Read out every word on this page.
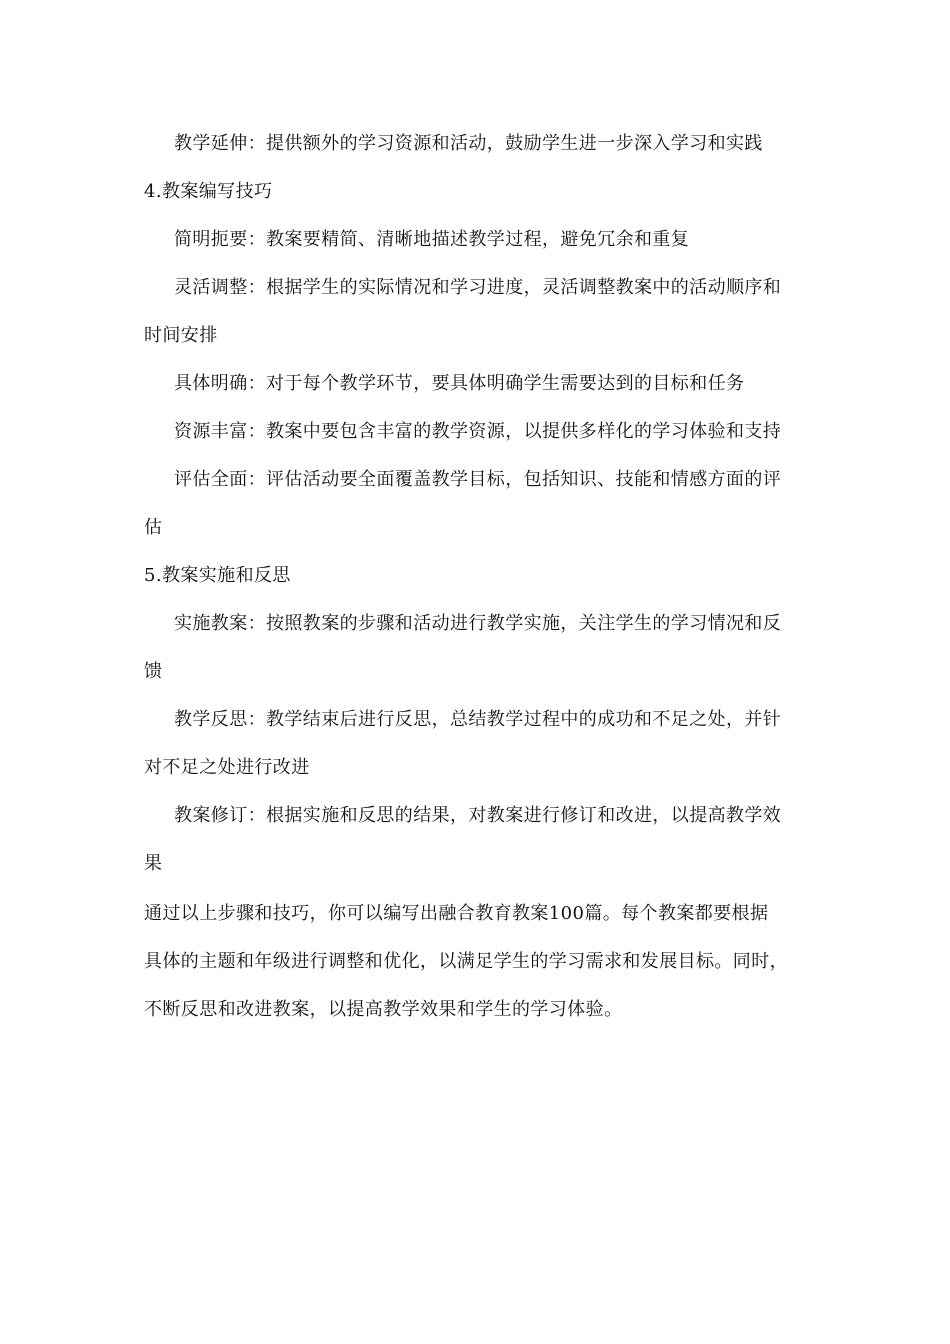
教学延伸：提供额外的学习资源和活动，鼓励学生进一步深入学习和实践
4.教案编写技巧
简明扼要：教案要精简、清晰地描述教学过程，避免冗余和重复
灵活调整：根据学生的实际情况和学习进度，灵活调整教案中的活动顺序和
时间安排
具体明确：对于每个教学环节，要具体明确学生需要达到的目标和任务
资源丰富：教案中要包含丰富的教学资源，以提供多样化的学习体验和支持
评估全面：评估活动要全面覆盖教学目标，包括知识、技能和情感方面的评
估
5.教案实施和反思
实施教案：按照教案的步骤和活动进行教学实施，关注学生的学习情况和反
馈
教学反思：教学结束后进行反思，总结教学过程中的成功和不足之处，并针
对不足之处进行改进
教案修订：根据实施和反思的结果，对教案进行修订和改进，以提高教学效
果
通过以上步骤和技巧，你可以编写出融合教育教案100篇。每个教案都要根据
具体的主题和年级进行调整和优化，以满足学生的学习需求和发展目标。同时，
不断反思和改进教案，以提高教学效果和学生的学习体验。
